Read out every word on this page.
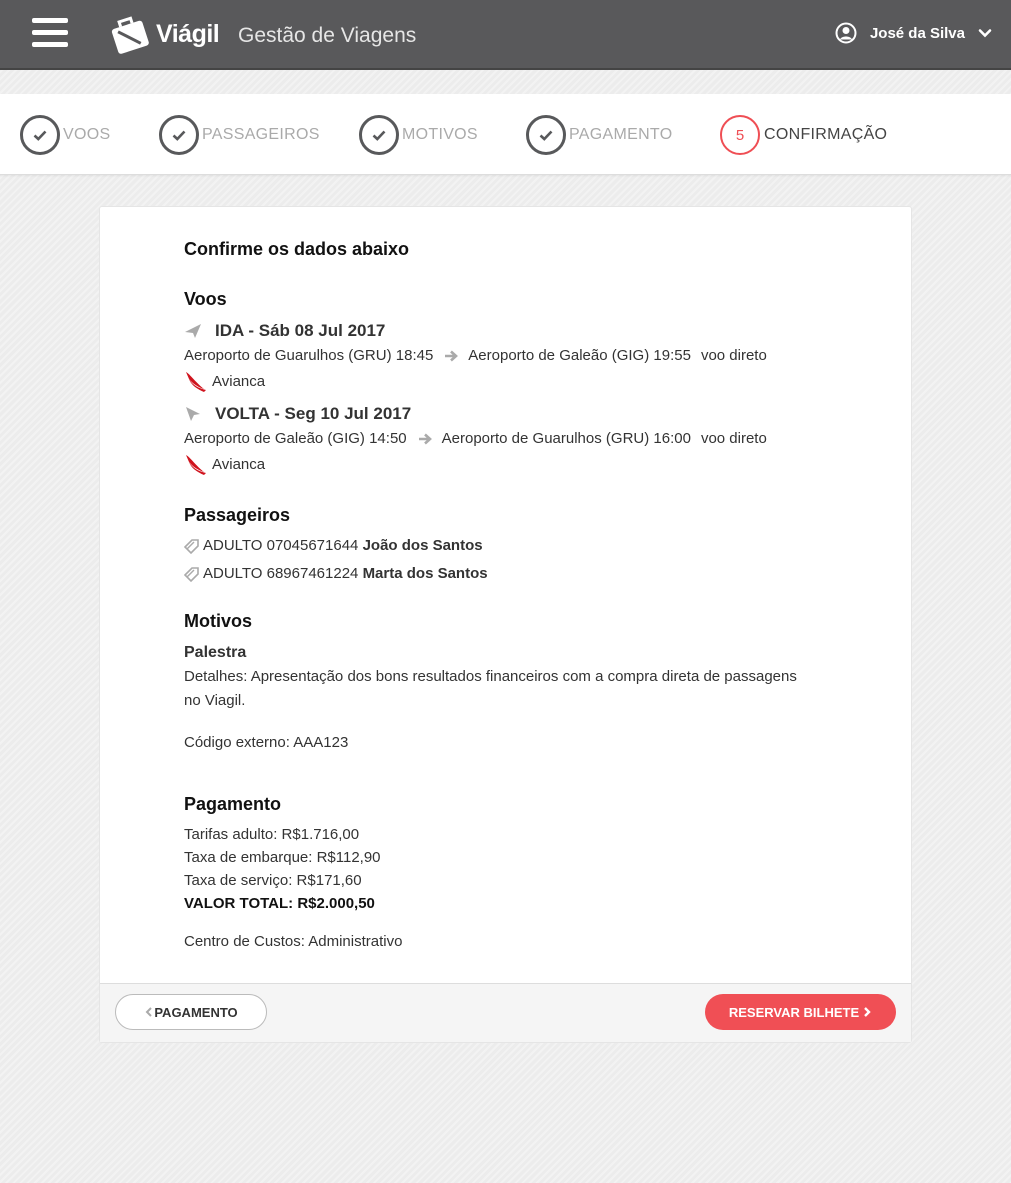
Viágil Gestão de Viagens	José da Silva
VOOS	PASSAGEIROS	MOTIVOS	PAGAMENTO	5	CONFIRMAÇÃO
Confirme os dados abaixo
Voos
IDA - Sáb 08 Jul 2017
Aeroporto de Guarulhos (GRU) 18:45 Aeroporto de Galeão (GIG) 19:55 voo direto
Avianca
VOLTA - Seg 10 Jul 2017
Aeroporto de Galeão (GIG) 14:50 Aeroporto de Guarulhos (GRU) 16:00 voo direto
Avianca
Passageiros
ADULTO 07045671644
João dos Santos
ADULTO 68967461224
Marta dos Santos
Motivos
Palestra
Detalhes: Apresentação dos bons resultados financeiros com a compra direta de passagens
no Viagil.
Código externo: AAA123
Pagamento
Tarifas adulto: R$1.716,00
Taxa de embarque: R$112,90
Taxa de serviço: R$171,60
VALOR TOTAL: R$2.000,50
Centro de Custos: Administrativo
PAGAMENTO	RESERVAR BILHETE
